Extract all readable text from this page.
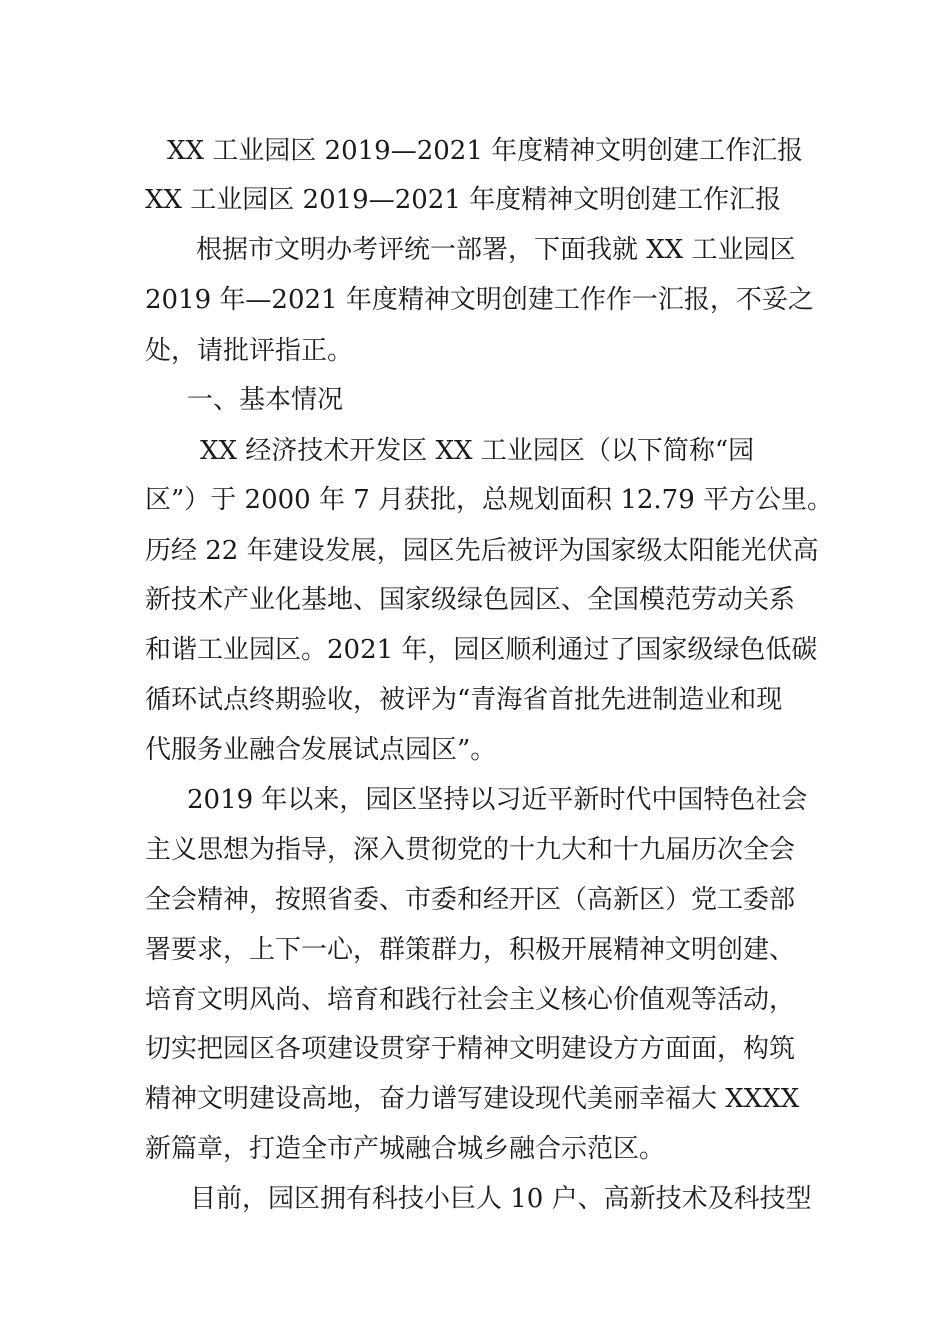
XX 工业园区 2019—2021 年度精神文明创建工作汇报
XX 工业园区 2019—2021 年度精神文明创建工作汇报
根据市文明办考评统一部署，下面我就 XX 工业园区
2019 年—2021 年度精神文明创建工作作一汇报，不妥之
处，请批评指正。
一、基本情况
XX 经济技术开发区 XX 工业园区（以下简称“园
区”）于 2000 年 7 月获批，总规划面积 12.79 平方公里。
历经 22 年建设发展，园区先后被评为国家级太阳能光伏高
新技术产业化基地、国家级绿色园区、全国模范劳动关系
和谐工业园区。2021 年，园区顺利通过了国家级绿色低碳
循环试点终期验收，被评为“青海省首批先进制造业和现
代服务业融合发展试点园区”。
2019 年以来，园区坚持以习近平新时代中国特色社会
主义思想为指导，深入贯彻党的十九大和十九届历次全会
全会精神，按照省委、市委和经开区（高新区）党工委部
署要求，上下一心，群策群力，积极开展精神文明创建、
培育文明风尚、培育和践行社会主义核心价值观等活动，
切实把园区各项建设贯穿于精神文明建设方方面面，构筑
精神文明建设高地，奋力谱写建设现代美丽幸福大 XXXX
新篇章，打造全市产城融合城乡融合示范区。
目前，园区拥有科技小巨人 10 户、高新技术及科技型
